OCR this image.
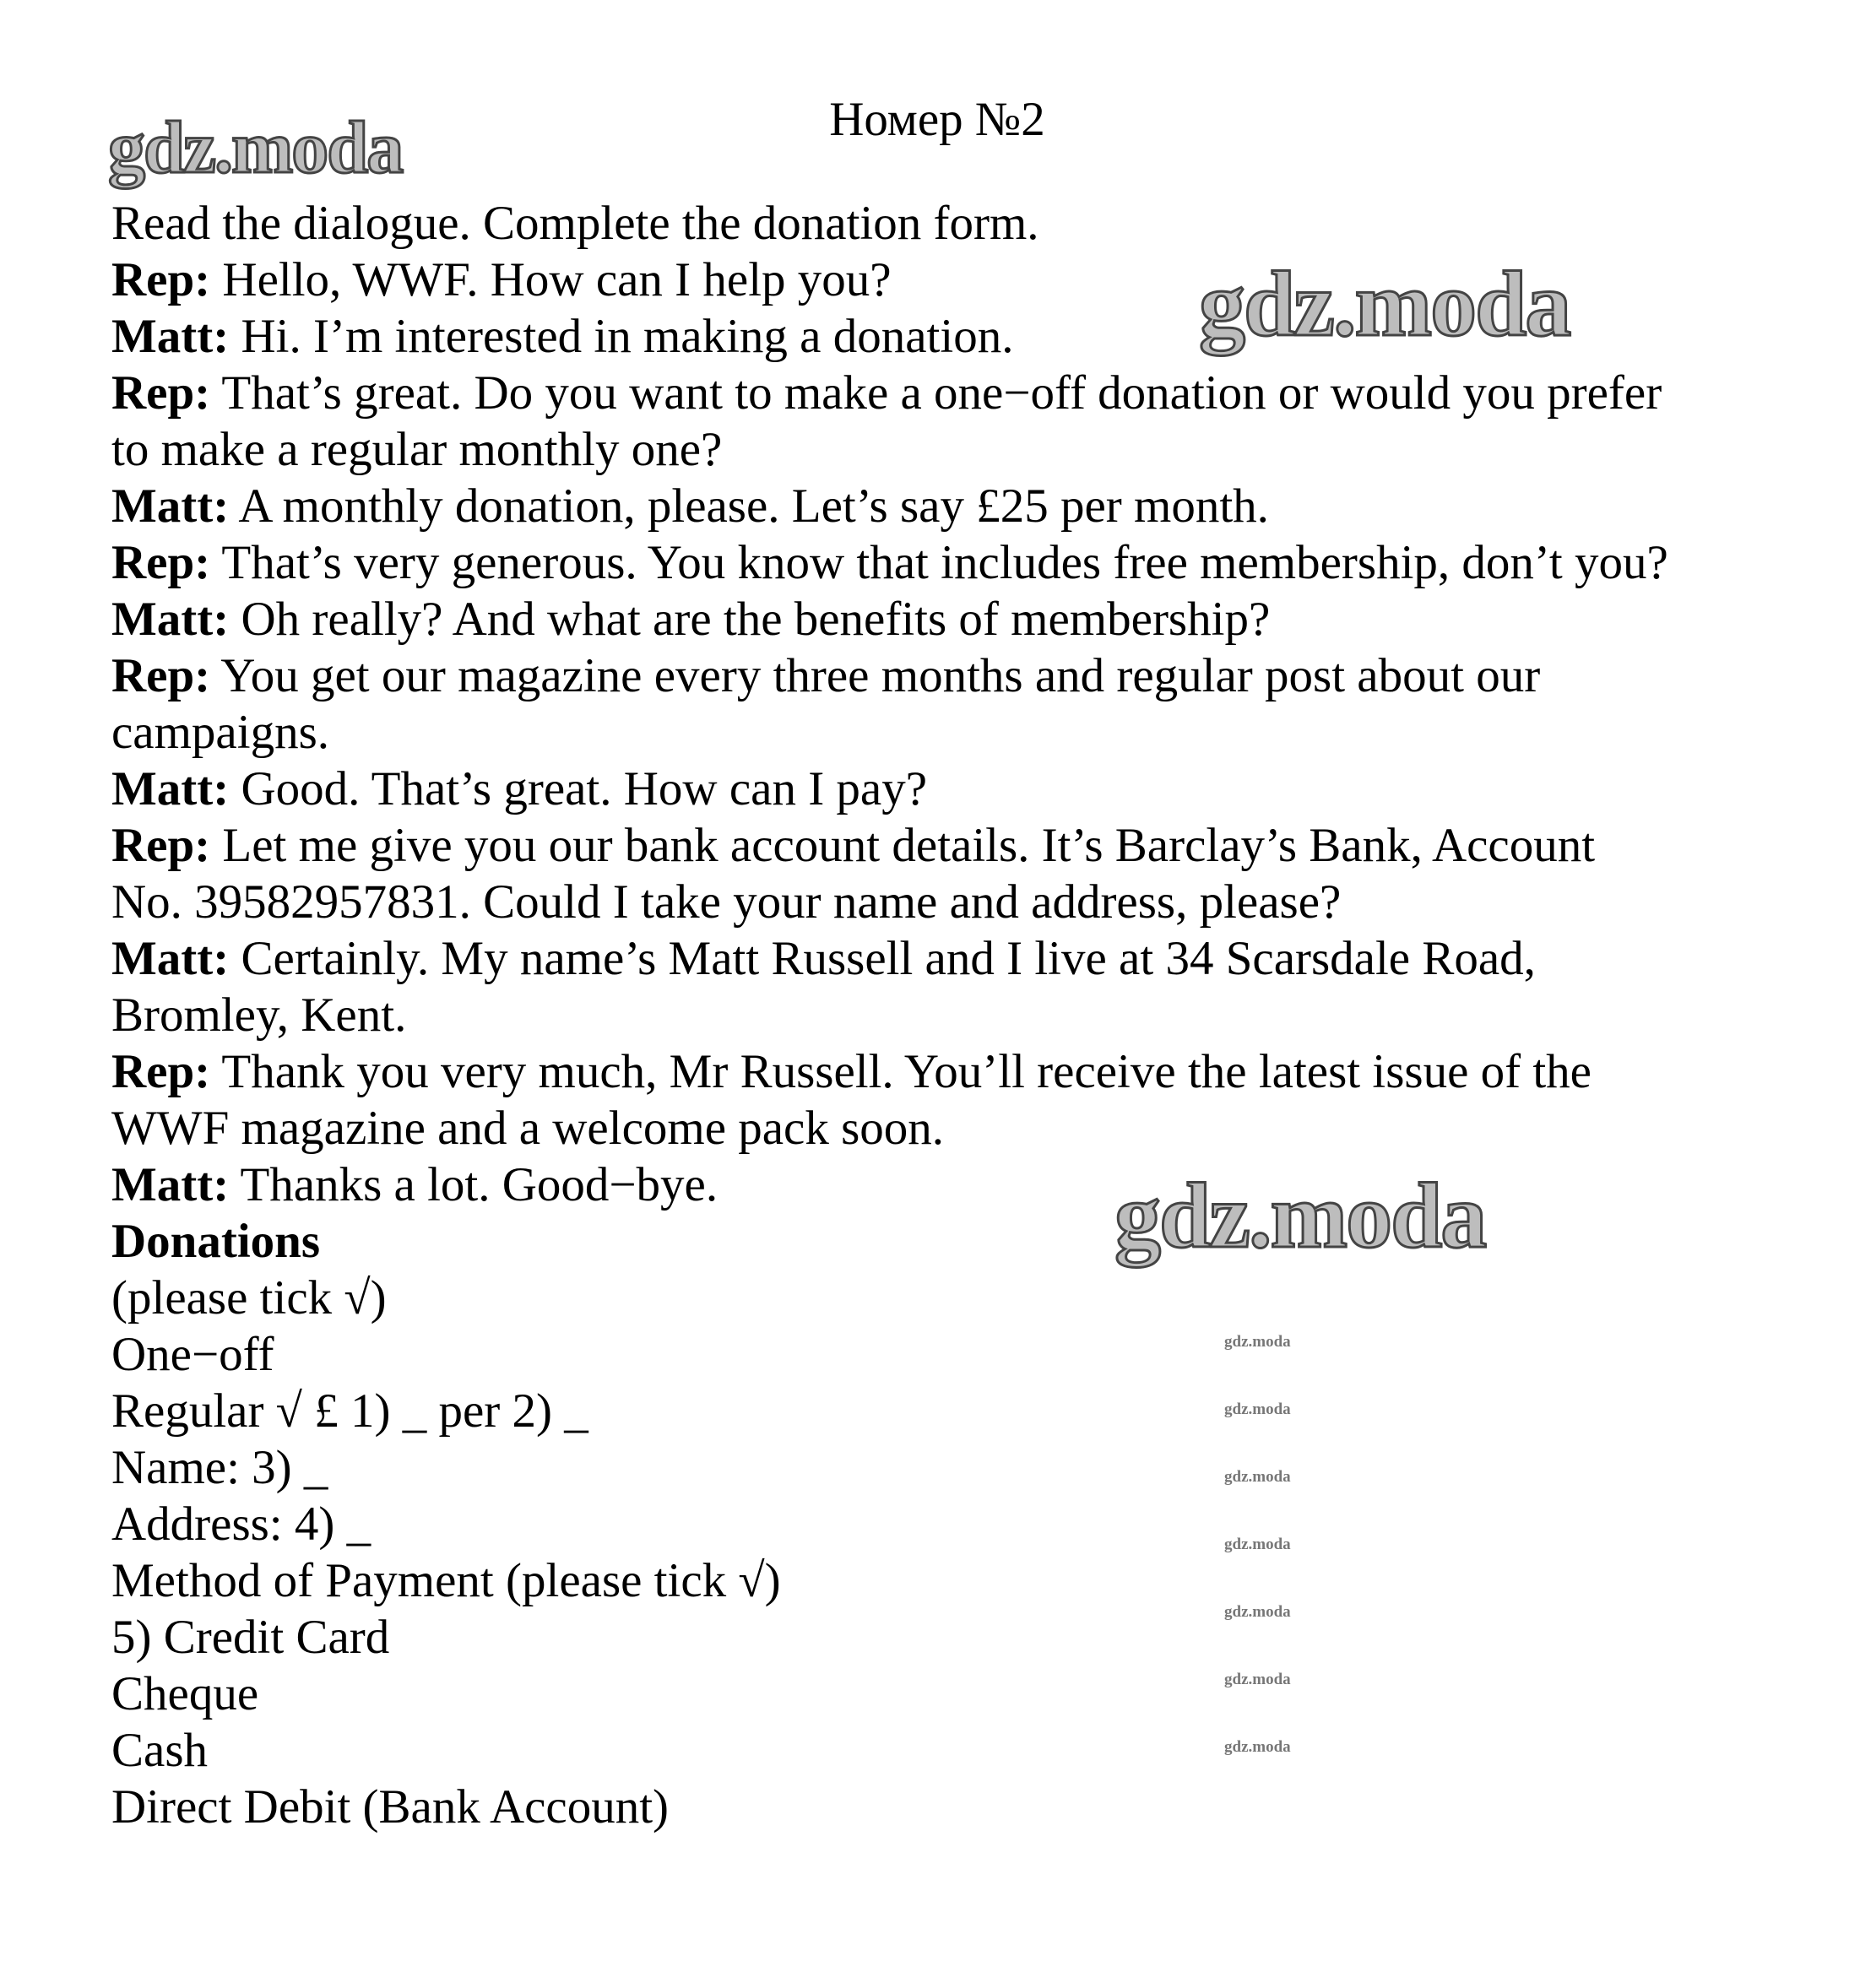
Номер №2
gdz.moda
gdz.moda
gdz.moda
gdz.moda
gdz.moda
gdz.moda
gdz.moda
gdz.moda
gdz.moda
gdz.moda
Read the dialogue. Complete the donation form.
Rep: Hello, WWF. How can I help you?
Matt: Hi. I’m interested in making a donation.
Rep: That’s great. Do you want to make a one−off donation or would you prefer
to make a regular monthly one?
Matt: A monthly donation, please. Let’s say £25 per month.
Rep: That’s very generous. You know that includes free membership, don’t you?
Matt: Oh really? And what are the benefits of membership?
Rep: You get our magazine every three months and regular post about our
campaigns.
Matt: Good. That’s great. How can I pay?
Rep: Let me give you our bank account details. It’s Barclay’s Bank, Account
No. 39582957831. Could I take your name and address, please?
Matt: Certainly. My name’s Matt Russell and I live at 34 Scarsdale Road,
Bromley, Kent.
Rep: Thank you very much, Mr Russell. You’ll receive the latest issue of the
WWF magazine and a welcome pack soon.
Matt: Thanks a lot. Good−bye.
Donations
(please tick √)
One−off
Regular √ £ 1) _ per 2) _
Name: 3) _
Address: 4) _
Method of Payment (please tick √)
5) Credit Card
Cheque
Cash
Direct Debit (Bank Account)
